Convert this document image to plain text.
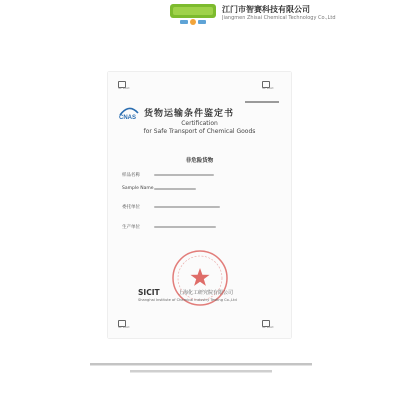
江门市智赛科技有限公司
Jiangmen Zhisai Chemical Technology Co.,Ltd
S1 Bold	S1 Bold
CNAS 货物运输条件鉴定书
Certification
for Safe Transport of Chemical Goods
非危险货物
样品名称
Sample Name
委托单位
生产单位
SICIT	上海化工研究院有限公司
Shanghai Institute of Chemical Industry Testing Co.,Ltd
S1 Bold	S1 Bold
